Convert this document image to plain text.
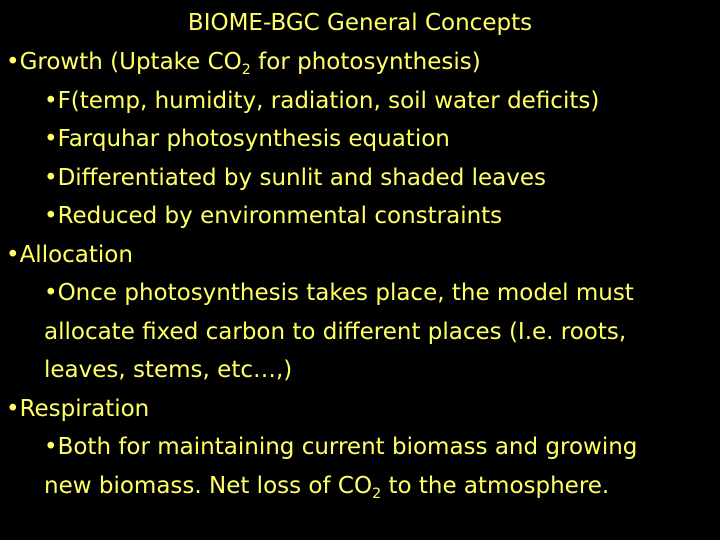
BIOME-BGC General Concepts
•Growth (Uptake $CO_2$ for photosynthesis)
•F(temp, humidity, radiation, soil water deficits)
•Farquhar photosynthesis equation
•Differentiated by sunlit and shaded leaves
•Reduced by environmental constraints
•Allocation
•Once photosynthesis takes place, the model must
allocate fixed carbon to different places (I.e. roots,
leaves, stems, etc…,)
•Respiration
•Both for maintaining current biomass and growing
new biomass. Net loss of $CO_2$ to the atmosphere.
